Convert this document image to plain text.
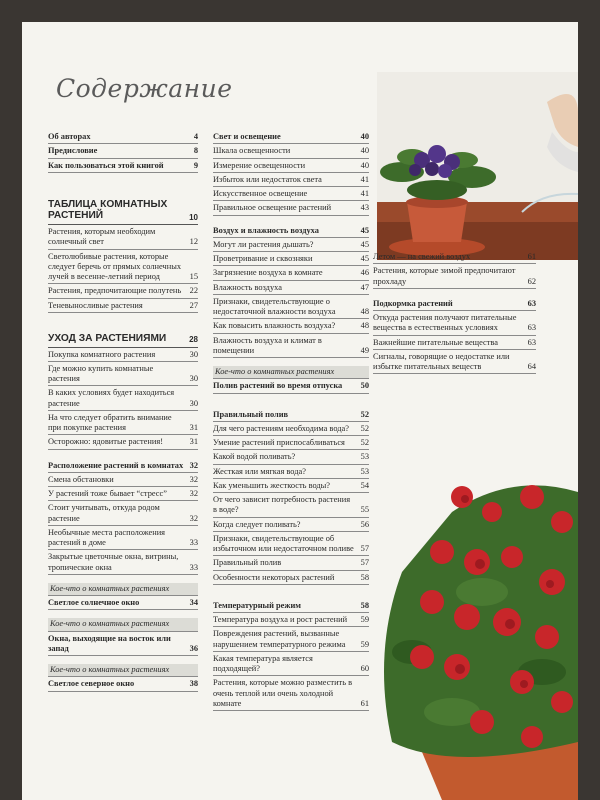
Содержание
Об авторах	4
Предисловие	8
Как пользоваться этой книгой	9
ТАБЛИЦА КОМНАТНЫХ РАСТЕНИЙ	10
Растения, которым необходим солнечный свет	12
Светолюбивые растения, которые следует беречь от прямых солнечных лучей в весенне-летний период	15
Растения, предпочитающие полутень 22
Теневыносливые растения	27
УХОД ЗА РАСТЕНИЯМИ	28
Покупка комнатного растения	30
Где можно купить комнатные растения	30
В каких условиях будет находиться растение	30
На что следует обратить внимание при покупке растения	31
Осторожно: ядовитые растения!	31
Расположение растений в комнатах 32
Смена обстановки	32
У растений тоже бывает “стресс”	32
Стоит учитывать, откуда родом растение	32
Необычные места расположения растений в доме	33
Закрытые цветочные окна, витрины, тропические окна	33
Кое-что о комнатных растениях
Светлое солнечное окно	34
Кое-что о комнатных растениях
Окна, выходящие на восток или запад	36
Кое-что о комнатных растениях
Светлое северное окно	38
Свет и освещение	40
Шкала освещенности	40
Измерение освещенности	40
Избыток или недостаток света	41
Искусственное освещение	41
Правильное освещение растений	43
Воздух и влажность воздуха	45
Могут ли растения дышать?	45
Проветривание и сквозняки	45
Загрязнение воздуха в комнате	46
Влажность воздуха	47
Признаки, свидетельствующие о недостаточной влажности воздуха	48
Как повысить влажность воздуха?	48
Влажность воздуха и климат в помещении	49
Кое-что о комнатных растениях
Полив растений во время отпуска	50
Правильный полив	52
Для чего растениям необходима вода?	52
Умение растений приспосабливаться	52
Какой водой поливать?	53
Жесткая или мягкая вода?	53
Как уменьшить жесткость воды?	54
От чего зависит потребность растения в воде?	55
Когда следует поливать?	56
Признаки, свидетельствующие об избыточном или недостаточном поливе 57
Правильный полив	57
Особенности некоторых растений	58
Температурный режим	58
Температура воздуха и рост растений	59
Повреждения растений, вызванные нарушением температурного режима	59
Какая температура является подходящей?	60
Растения, которые можно разместить в очень теплой или очень холодной комнате	61
Летом — на свежий воздух	61
Растения, которые зимой предпочитают прохладу	62
Подкормка растений	63
Откуда растения получают питательные вещества в естественных условиях	63
Важнейшие питательные вещества	63
Сигналы, говорящие о недостатке или избытке питательных веществ	64
